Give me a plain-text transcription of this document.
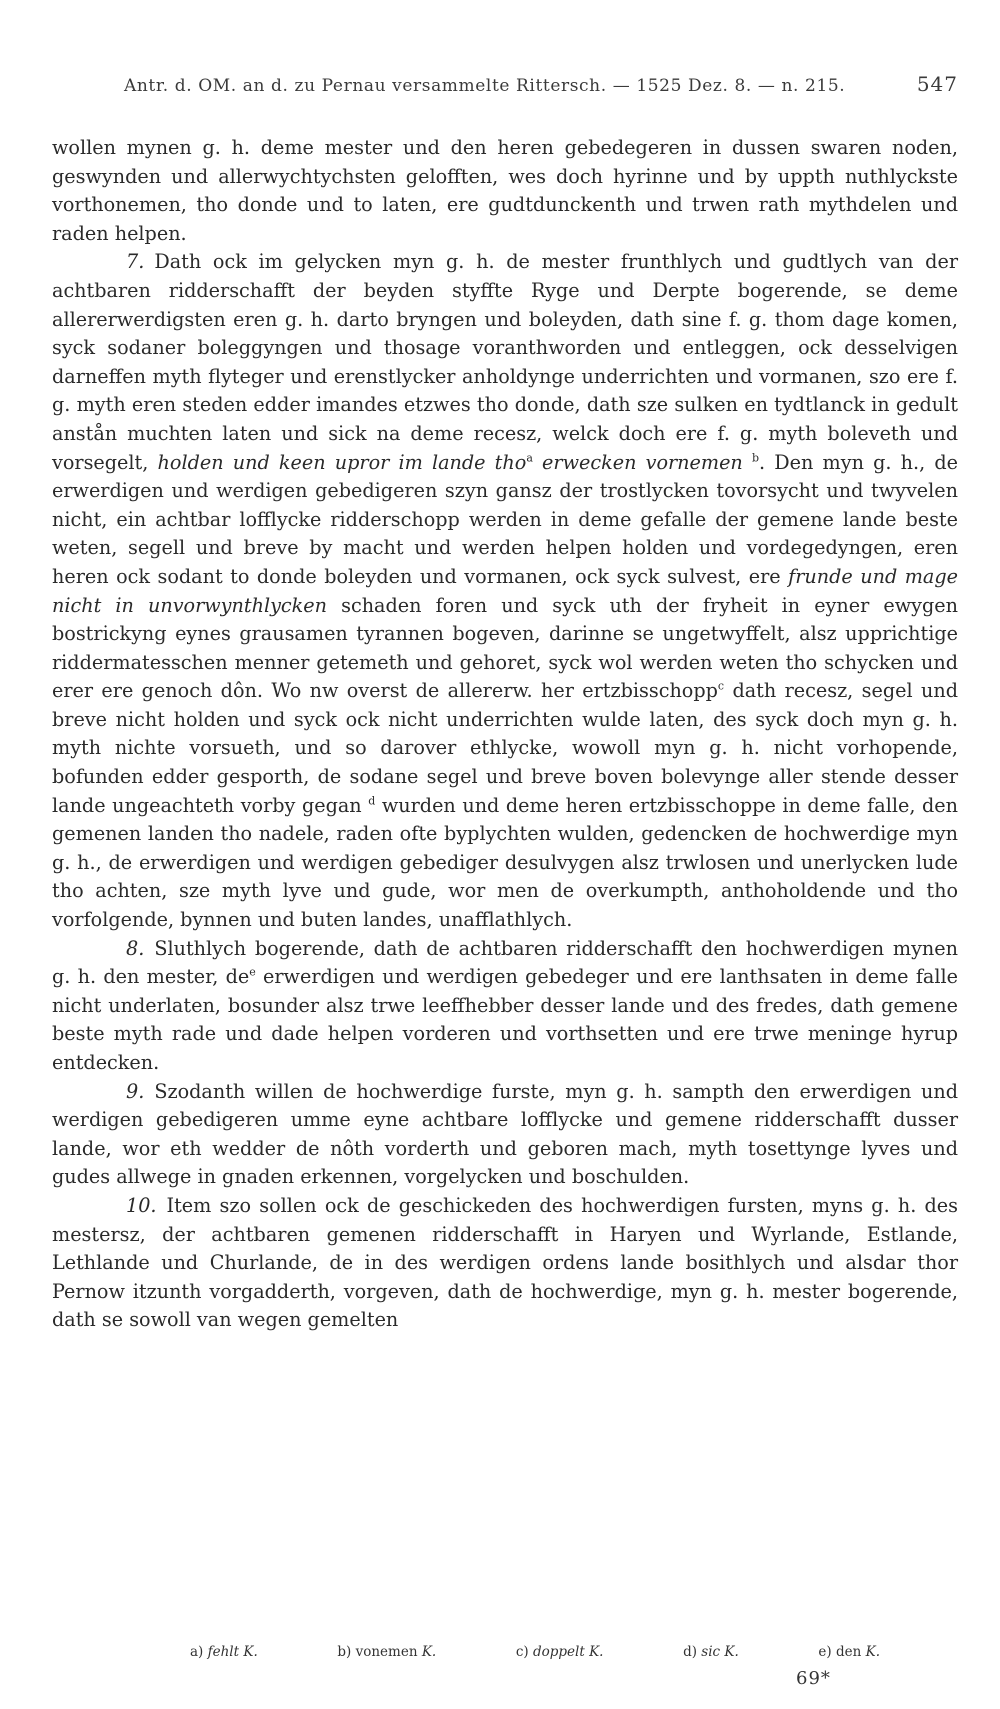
Antr. d. OM. an d. zu Pernau versammelte Rittersch. — 1525 Dez. 8. — n. 215.	547

wollen mynen g. h. deme mester und den heren gebedegeren in dussen swaren noden, geswynden und allerwychtychsten geloﬀten, wes doch hyrinne und by uppth nuthlyckste vorthonemen, tho donde und to laten, ere gudtdunckenth und trwen rath mythdelen und raden helpen.

7. Dath ock im gelycken myn g. h. de mester frunthlych und gudtlych van der achtbaren ridderschafft der beyden styﬀte Ryge und Derpte bogerende, se deme allererwerdigsten eren g. h. darto bryngen und boleyden, dath sine f. g. thom dage komen, syck sodaner boleggyngen und thosage voranthworden und entleggen, ock desselvigen darneﬀen myth flyteger und erenstlycker anholdynge underrichten und vormanen, szo ere f. g. myth eren steden edder imandes etzwes tho donde, dath sze sulken en tydtlanck in gedult anstån muchten laten und sick na deme recesz, welck doch ere f. g. myth boleveth und vorsegelt, holden und keen upror im lande tho$^a$ erwecken vornemen $^b$. Den myn g. h., de erwerdigen und werdigen gebedigeren szyn gansz der trostlycken tovorsycht und twyvelen nicht, ein achtbar loﬀlycke ridderschopp werden in deme gefalle der gemene lande beste weten, segell und breve by macht und werden helpen holden und vordegedyngen, eren heren ock sodant to donde boleyden und vormanen, ock syck sulvest, ere frunde und mage nicht in unvorwynthlycken schaden foren und syck uth der fryheit in eyner ewygen bostrickyng eynes grausamen tyrannen bogeven, darinne se ungetwyﬀelt, alsz upprichtige riddermatesschen menner getemeth und gehoret, syck wol werden weten tho schycken und erer ere genoch dôn. Wo nw overst de allererw. her ertzbisschopp$^c$ dath recesz, segel und breve nicht holden und syck ock nicht underrichten wulde laten, des syck doch myn g. h. myth nichte vorsueth, und so darover ethlycke, wowoll myn g. h. nicht vorhopende, bofunden edder gesporth, de sodane segel und breve boven bolevynge aller stende desser lande ungeachteth vorby gegan $^d$ wurden und deme heren ertzbisschoppe in deme falle, den gemenen landen tho nadele, raden ofte byplychten wulden, gedencken de hochwerdige myn g. h., de erwerdigen und werdigen gebediger desulvygen alsz trwlosen und unerlycken lude tho achten, sze myth lyve und gude, wor men de overkumpth, anthoholdende und tho vorfolgende, bynnen und buten landes, unaﬀlathlych.

8. Sluthlych bogerende, dath de achtbaren ridderschafft den hochwerdigen mynen g. h. den mester, $de^e$ erwerdigen und werdigen gebedeger und ere lanthsaten in deme falle nicht underlaten, bosunder alsz trwe leeﬀhebber desser lande und des fredes, dath gemene beste myth rade und dade helpen vorderen und vorthsetten und ere trwe meninge hyrup entdecken.

9. Szodanth willen de hochwerdige furste, myn g. h. sampth den erwerdigen und werdigen gebedigeren umme eyne achtbare loﬀlycke und gemene ridderschafft dusser lande, wor eth wedder de nôth vorderth und geboren mach, myth tosettynge lyves und gudes allwege in gnaden erkennen, vorgelycken und boschulden.

10. Item szo sollen ock de geschickeden des hochwerdigen fursten, myns g. h. des mestersz, der achtbaren gemenen ridderschafft in Haryen und Wyrlande, Estlande, Lethlande und Churlande, de in des werdigen ordens lande bosithlych und alsdar thor Pernow itzunth vorgadderth, vorgeven, dath de hochwerdige, myn g. h. mester bogerende, dath se sowoll van wegen gemelten

a) fehlt K.	b) vonemen K.	c) doppelt K.	d) sic K.	e) den K.
69*
